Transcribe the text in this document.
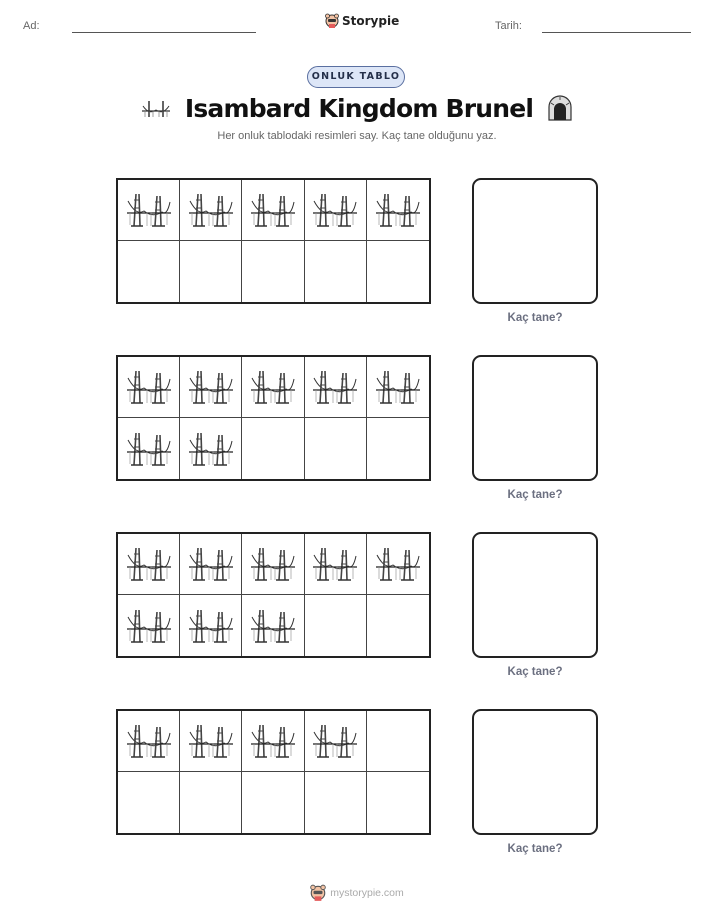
Ad:	Storypie	Tarih:
ONLUK TABLO
Isambard Kingdom Brunel
Her onluk tablodaki resimleri say. Kaç tane olduğunu yaz.
Kaç tane?
Kaç tane?
Kaç tane?
Kaç tane?
mystorypie.com
